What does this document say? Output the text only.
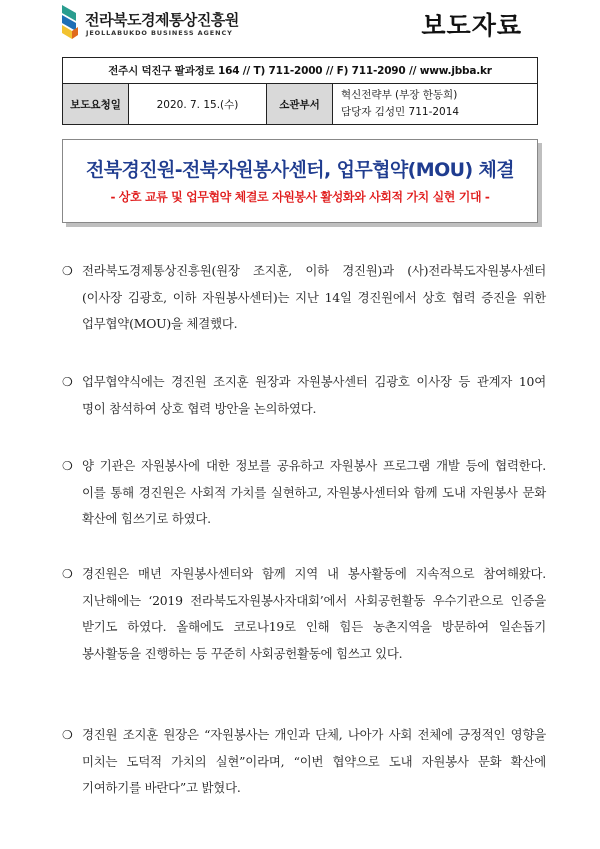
전라북도경제통상진흥원
JEOLLABUKDO BUSINESS AGENCY	보도자료
전주시 덕진구 팔과정로 164 // T) 711-2000 // F) 711-2090 // www.jbba.kr
보도요청일	2020. 7. 15.(수)	소관부서	
혁신전략부 (부장 한동희)
담당자 김성민 711-2014
전북경진원-전북자원봉사센터, 업무협약(MOU) 체결
- 상호 교류 및 업무협약 체결로 자원봉사 활성화와 사회적 가치 실현 기대 -
❍ 전라북도경제통상진흥원(원장 조지훈, 이하 경진원)과 (사)전라북도자원봉사센터(이사장 김광호, 이하 자원봉사센터)는 지난 14일 경진원에서 상호 협력 증진을 위한 업무협약(MOU)을 체결했다.
❍ 업무협약식에는 경진원 조지훈 원장과 자원봉사센터 김광호 이사장 등 관계자 10여 명이 참석하여 상호 협력 방안을 논의하였다.
❍ 양 기관은 자원봉사에 대한 정보를 공유하고 자원봉사 프로그램 개발 등에 협력한다. 이를 통해 경진원은 사회적 가치를 실현하고, 자원봉사센터와 함께 도내 자원봉사 문화 확산에 힘쓰기로 하였다.
❍ 경진원은 매년 자원봉사센터와 함께 지역 내 봉사활동에 지속적으로 참여해왔다. 지난해에는 ‘2019 전라북도자원봉사자대회’에서 사회공헌활동 우수기관으로 인증을 받기도 하였다. 올해에도 코로나19로 인해 힘든 농촌지역을 방문하여 일손돕기 봉사활동을 진행하는 등 꾸준히 사회공헌활동에 힘쓰고 있다.
❍ 경진원 조지훈 원장은 “자원봉사는 개인과 단체, 나아가 사회 전체에 긍정적인 영향을 미치는 도덕적 가치의 실현”이라며, “이번 협약으로 도내 자원봉사 문화 확산에 기여하기를 바란다”고 밝혔다.
